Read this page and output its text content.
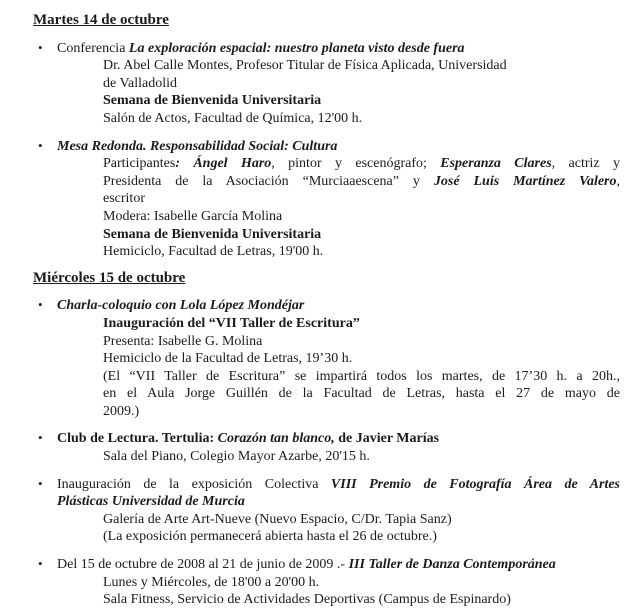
Martes 14 de octubre
• Conferencia La exploración espacial: nuestro planeta visto desde fuera
Dr. Abel Calle Montes, Profesor Titular de Física Aplicada, Universidad
de Valladolid
Semana de Bienvenida Universitaria
Salón de Actos, Facultad de Química, 12'00 h.
• Mesa Redonda. Responsabilidad Social: Cultura
Participantes: Ángel Haro, pintor y escenógrafo; Esperanza Clares, actriz y
Presidenta de la Asociación “Murciaaescena” y José Luis Martínez Valero,
escritor
Modera: Isabelle García Molina
Semana de Bienvenida Universitaria
Hemiciclo, Facultad de Letras, 19'00 h.
Miércoles 15 de octubre
• Charla-coloquio con Lola López Mondéjar
Inauguración del “VII Taller de Escritura”
Presenta: Isabelle G. Molina
Hemiciclo de la Facultad de Letras, 19’30 h.
(El “VII Taller de Escritura” se impartirá todos los martes, de 17’30 h. a 20h.,
en el Aula Jorge Guillén de la Facultad de Letras, hasta el 27 de mayo de
2009.)
• Club de Lectura. Tertulia: Corazón tan blanco, de Javier Marías
Sala del Piano, Colegio Mayor Azarbe, 20'15 h.
• Inauguración de la exposición Colectiva VIII Premio de Fotografía Área de Artes
Plásticas Universidad de Murcia
Galería de Arte Art-Nueve (Nuevo Espacio, C/Dr. Tapia Sanz)
(La exposición permanecerá abierta hasta el 26 de octubre.)
• Del 15 de octubre de 2008 al 21 de junio de 2009 .- III Taller de Danza Contemporánea
Lunes y Miércoles, de 18'00 a 20'00 h.
Sala Fitness, Servicio de Actividades Deportivas (Campus de Espinardo)
